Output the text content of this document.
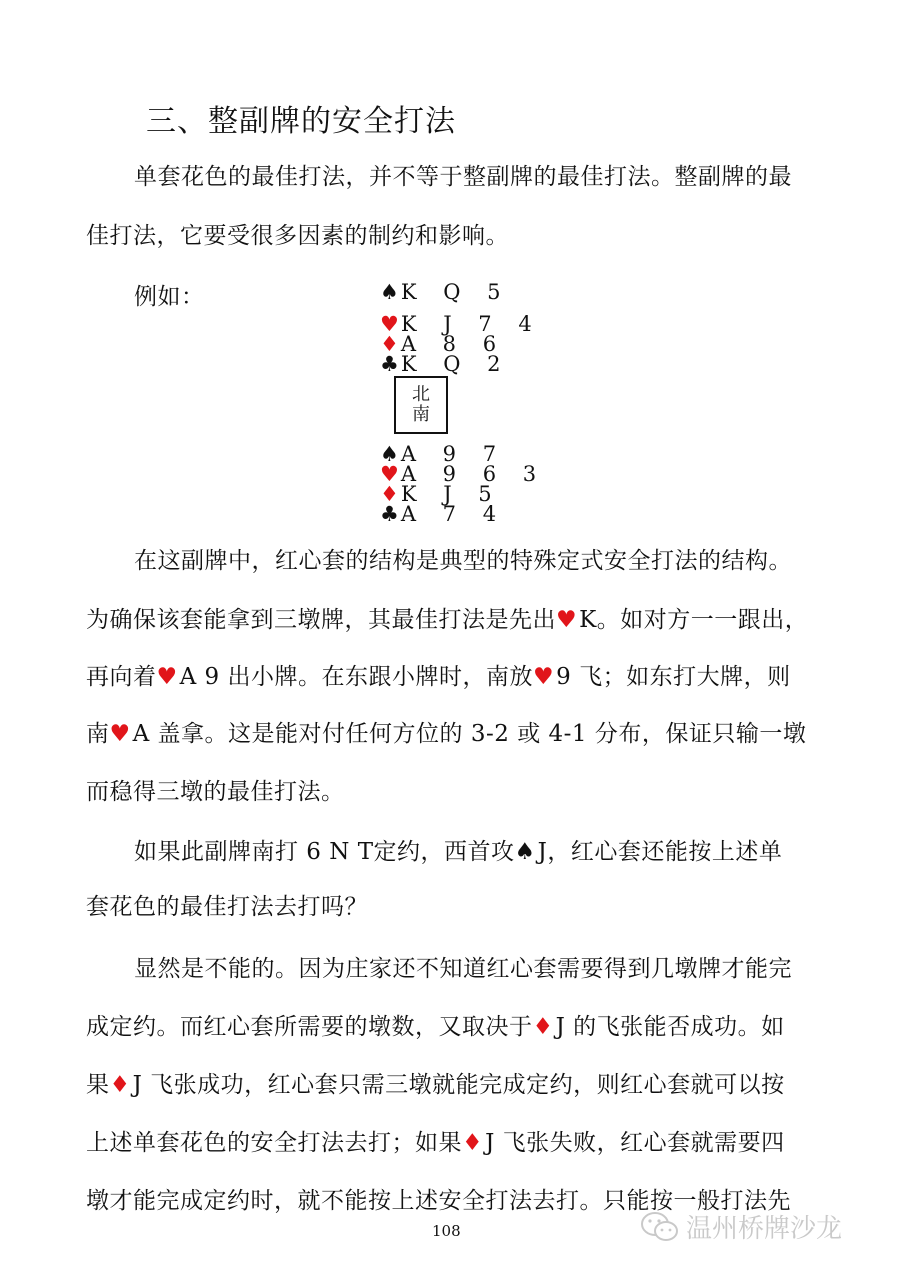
三、整副牌的安全打法
单套花色的最佳打法，并不等于整副牌的最佳打法。整副牌的最
佳打法，它要受很多因素的制约和影响。
例如：	♠K Q 5
♥K J 7 4
♦A 8 6
♣K Q 2
北
南
♠A 9 7
♥A 9 6 3
♦K J 5
♣A 7 4
在这副牌中，红心套的结构是典型的特殊定式安全打法的结构。
为确保该套能拿到三墩牌，其最佳打法是先出♥K。如对方一一跟出，
再向着♥A 9 出小牌。在东跟小牌时，南放♥9 飞；如东打大牌，则
南♥A 盖拿。这是能对付任何方位的 3-2 或 4-1 分布，保证只输一墩
而稳得三墩的最佳打法。
如果此副牌南打 6 N T定约，西首攻♠J，红心套还能按上述单
套花色的最佳打法去打吗？
显然是不能的。因为庄家还不知道红心套需要得到几墩牌才能完
成定约。而红心套所需要的墩数，又取决于♦J 的飞张能否成功。如
果♦J 飞张成功，红心套只需三墩就能完成定约，则红心套就可以按
上述单套花色的安全打法去打；如果♦J 飞张失败，红心套就需要四
墩才能完成定约时，就不能按上述安全打法去打。只能按一般打法先
108	温州桥牌沙龙
